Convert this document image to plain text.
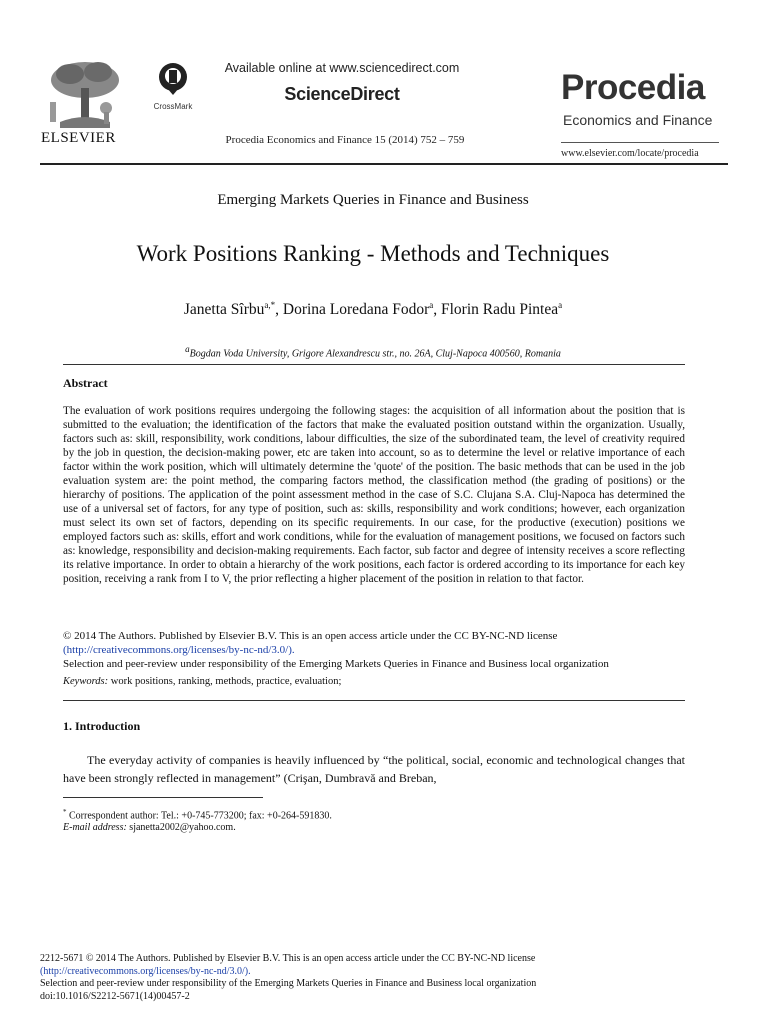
ELSEVIER
CrossMark
Available online at www.sciencedirect.com
ScienceDirect
Procedia Economics and Finance 15 (2014) 752 – 759
Procedia
Economics and Finance
www.elsevier.com/locate/procedia
Emerging Markets Queries in Finance and Business
Work Positions Ranking - Methods and Techniques
Janetta Sîrbu$^{a,*}$, Dorina Loredana Fodor$^a$, Florin Radu Pintea$^a$
$^a$Bogdan Voda University, Grigore Alexandrescu str., no. 26A, Cluj-Napoca 400560, Romania
Abstract
The evaluation of work positions requires undergoing the following stages: the acquisition of all information about the position that is submitted to the evaluation; the identification of the factors that make the evaluated position outstand within the organization. Usually, factors such as: skill, responsibility, work conditions, labour difficulties, the size of the subordinated team, the level of creativity required by the job in question, the decision-making power, etc are taken into account, so as to determine the level or relative importance of each factor within the work position, which will ultimately determine the 'quote' of the position. The basic methods that can be used in the job evaluation system are: the point method, the comparing factors method, the classification method (the grading of positions) or the hierarchy of positions. The application of the point assessment method in the case of S.C. Clujana S.A. Cluj-Napoca has determined the use of a universal set of factors, for any type of position, such as: skills, responsibility and work conditions; however, each organization must select its own set of factors, depending on its specific requirements. In our case, for the productive (execution) positions we employed factors such as: skills, effort and work conditions, while for the evaluation of management positions, we focused on factors such as: knowledge, responsibility and decision-making requirements. Each factor, sub factor and degree of intensity receives a score reflecting its relative importance. In order to obtain a hierarchy of the work positions, each factor is ordered according to its importance for each key position, receiving a rank from I to V, the prior reflecting a higher placement of the position in relation to that factor.
© 2014 The Authors. Published by Elsevier B.V. This is an open access article under the CC BY-NC-ND license
(http://creativecommons.org/licenses/by-nc-nd/3.0/).
Selection and peer-review under responsibility of the Emerging Markets Queries in Finance and Business local organization
Keywords: work positions, ranking, methods, practice, evaluation;
1. Introduction
The everyday activity of companies is heavily influenced by “the political, social, economic and technological changes that have been strongly reflected in management” (Crişan, Dumbravă and Breban,
* Correspondent author: Tel.: +0-745-773200; fax: +0-264-591830.
E-mail address: sjanetta2002@yahoo.com.
2212-5671 © 2014 The Authors. Published by Elsevier B.V. This is an open access article under the CC BY-NC-ND license
(http://creativecommons.org/licenses/by-nc-nd/3.0/).
Selection and peer-review under responsibility of the Emerging Markets Queries in Finance and Business local organization
doi:10.1016/S2212-5671(14)00457-2
